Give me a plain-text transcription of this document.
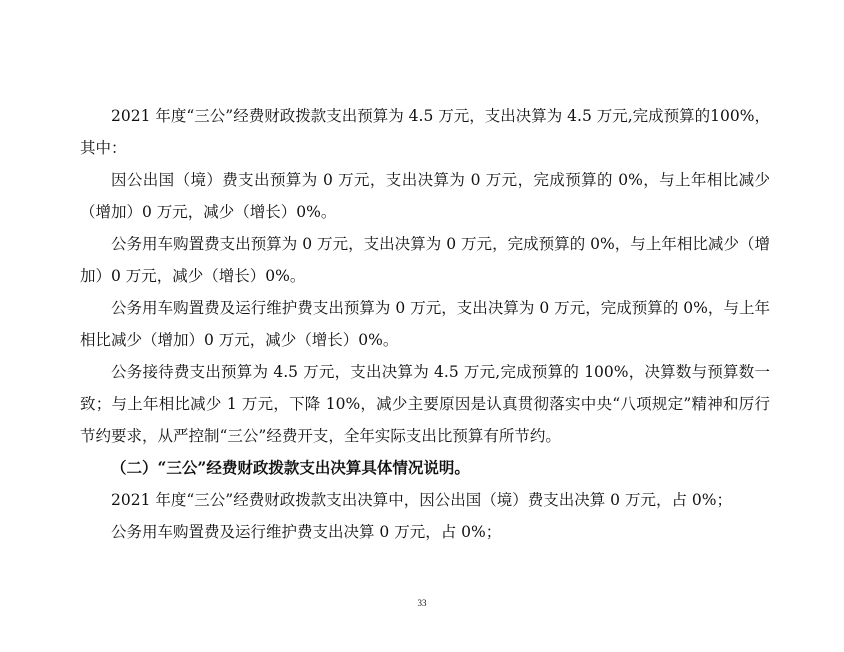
2021 年度“三公”经费财政拨款支出预算为 4.5 万元，支出决算为 4.5 万元,完成预算的100%，其中：

因公出国（境）费支出预算为 0 万元，支出决算为 0 万元，完成预算的 0%，与上年相比减少（增加）0 万元，减少（增长）0%。

公务用车购置费支出预算为 0 万元，支出决算为 0 万元，完成预算的 0%，与上年相比减少（增加）0 万元，减少（增长）0%。

公务用车购置费及运行维护费支出预算为 0 万元，支出决算为 0 万元，完成预算的 0%，与上年相比减少（增加）0 万元，减少（增长）0%。

公务接待费支出预算为 4.5 万元，支出决算为 4.5 万元,完成预算的 100%，决算数与预算数一致；与上年相比减少 1 万元，下降 10%，减少主要原因是认真贯彻落实中央“八项规定”精神和厉行节约要求，从严控制“三公”经费开支，全年实际支出比预算有所节约。

（二）“三公”经费财政拨款支出决算具体情况说明。

2021 年度“三公”经费财政拨款支出决算中，因公出国（境）费支出决算 0 万元，占 0%；

公务用车购置费及运行维护费支出决算 0 万元，占 0%；

33
